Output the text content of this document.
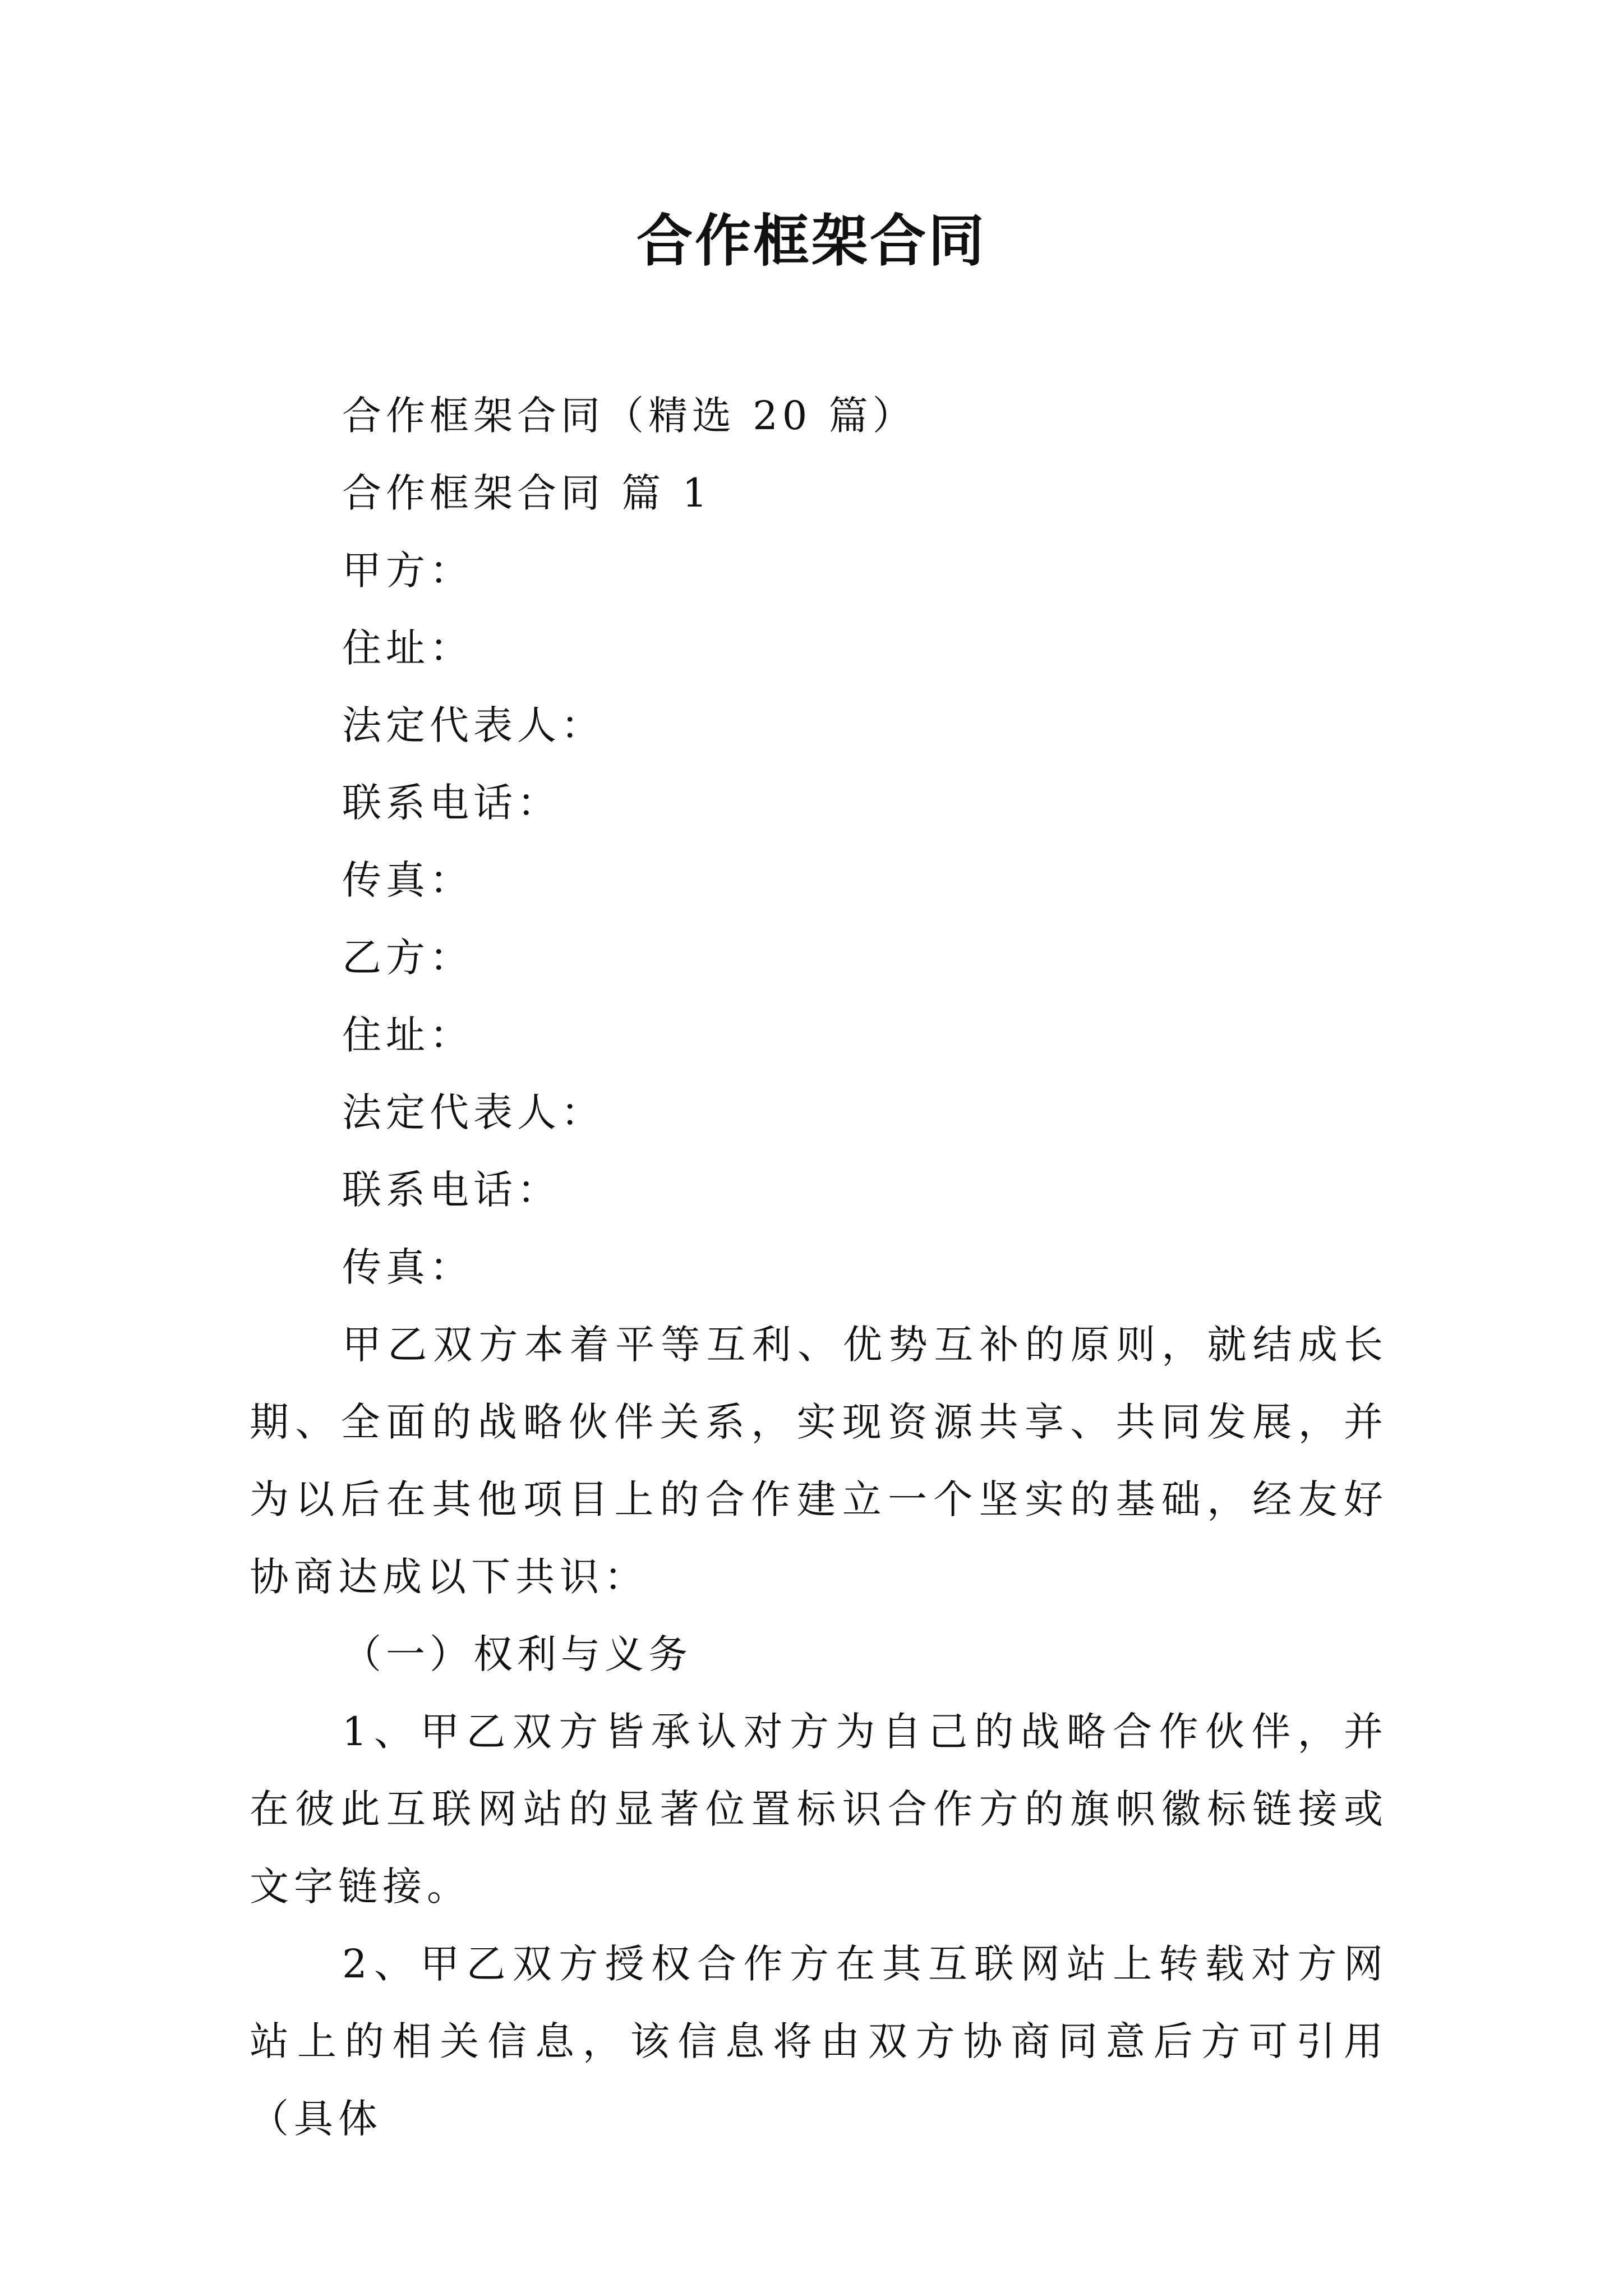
合作框架合同

合作框架合同（精选 20 篇）

合作框架合同 篇 1

甲方：

住址：

法定代表人：

联系电话：

传真：

乙方：

住址：

法定代表人：

联系电话：

传真：

甲乙双方本着平等互利、优势互补的原则，就结成长期、全面的战略伙伴关系，实现资源共享、共同发展，并为以后在其他项目上的合作建立一个坚实的基础，经友好协商达成以下共识：

（一）权利与义务

1、甲乙双方皆承认对方为自己的战略合作伙伴，并在彼此互联网站的显著位置标识合作方的旗帜徽标链接或文字链接。

2、甲乙双方授权合作方在其互联网站上转载对方网站上的相关信息，该信息将由双方协商同意后方可引用（具体
